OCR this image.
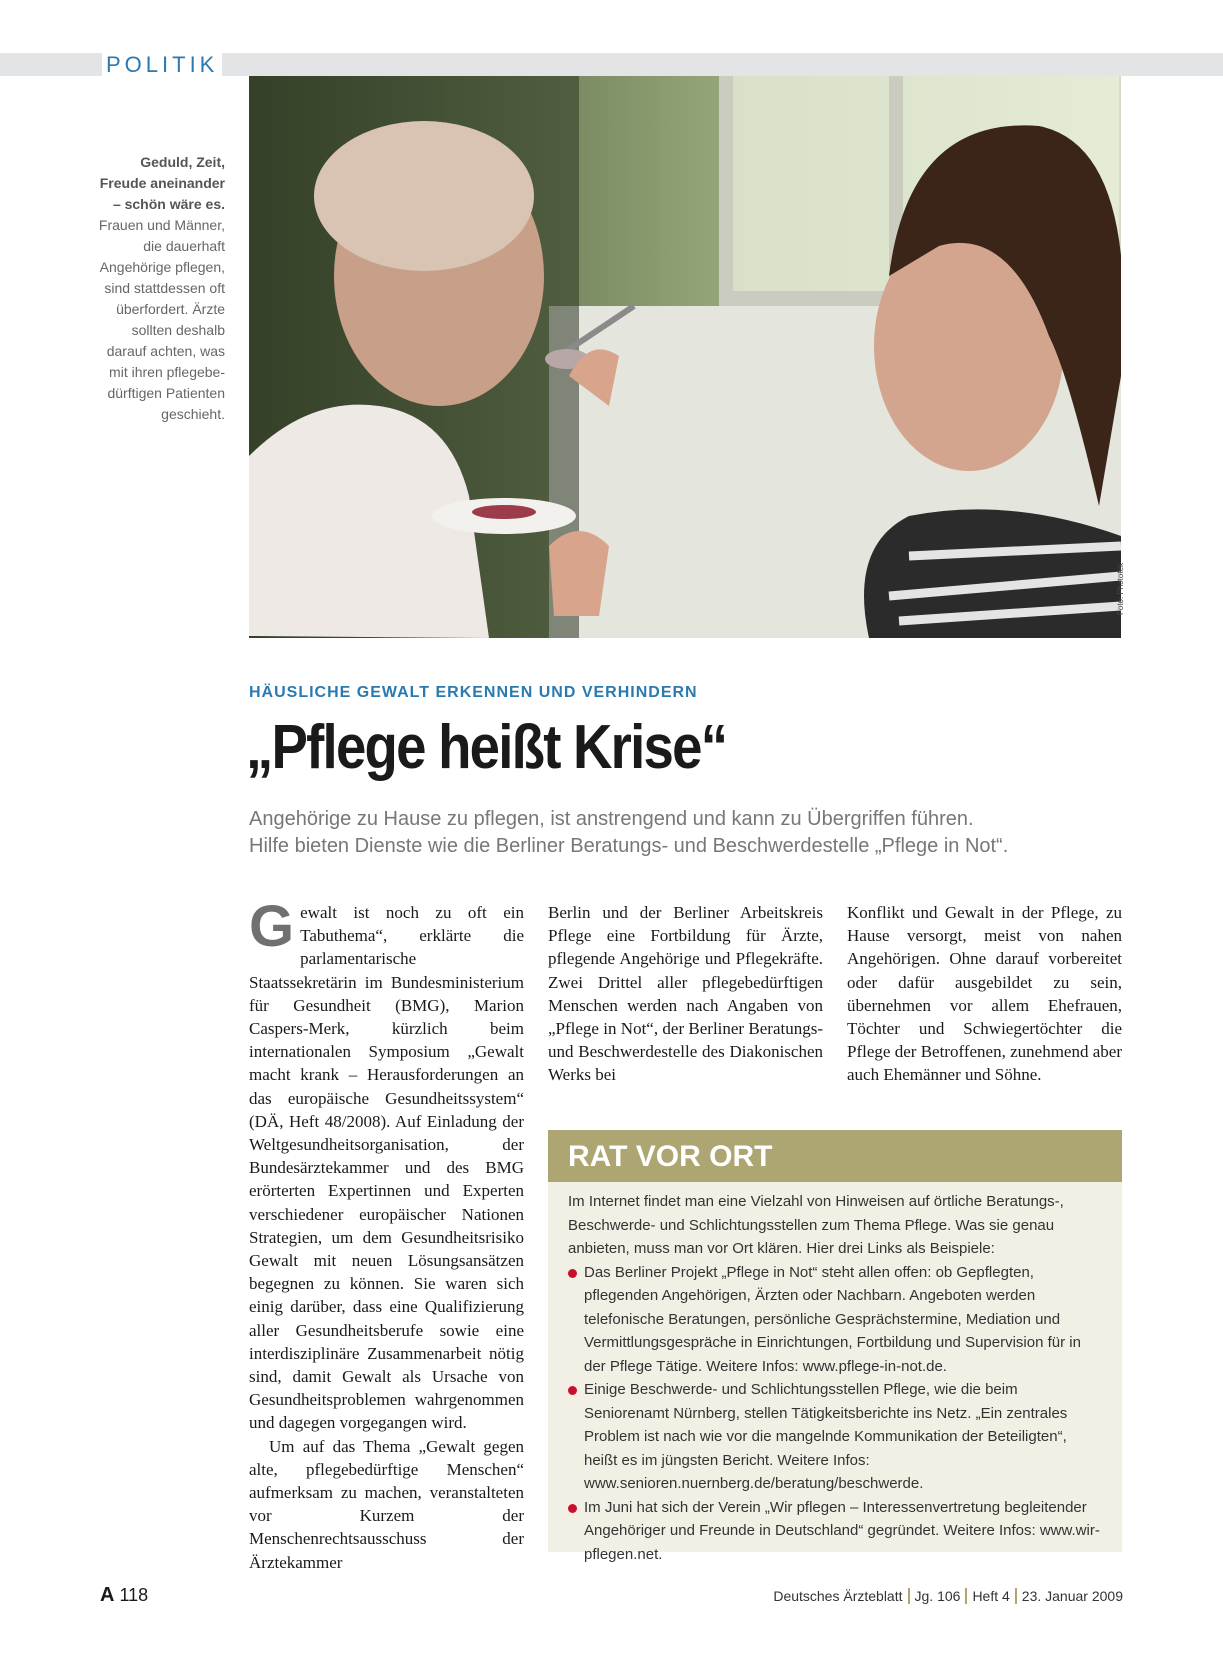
POLITIK
Geduld, Zeit,
Freude aneinander
– schön wäre es.
Frauen und Männer,
die dauerhaft
Angehörige pflegen,
sind stattdessen oft
überfordert. Ärzte
sollten deshalb
darauf achten, was
mit ihren pflegebe-
dürftigen Patienten
geschieht.
Foto: Phototek
HÄUSLICHE GEWALT ERKENNEN UND VERHINDERN
„Pflege heißt Krise“
Angehörige zu Hause zu pflegen, ist anstrengend und kann zu Übergriffen führen.
Hilfe bieten Dienste wie die Berliner Beratungs- und Beschwerdestelle „Pflege in Not“.

Gewalt ist noch zu oft ein Tabuthema“, erklärte die parlamentarische Staatssekretärin im Bundesministerium für Gesundheit (BMG), Marion Caspers-Merk, kürzlich beim internationalen Symposium „Gewalt macht krank – Herausforderungen an das europäische Gesundheitssystem“ (DÄ, Heft 48/2008). Auf Einladung der Weltgesundheitsorganisation, der Bundesärztekammer und des BMG erörterten Expertinnen und Experten verschiedener europäischer Nationen Strategien, um dem Gesundheitsrisiko Gewalt mit neuen Lösungsansätzen begegnen zu können. Sie waren sich einig darüber, dass eine Qualifizierung aller Gesundheitsberufe sowie eine interdisziplinäre Zusammenarbeit nötig sind, damit Gewalt als Ursache von Gesundheitsproblemen wahrgenommen und dagegen vorgegangen wird.

Um auf das Thema „Gewalt gegen alte, pflegebedürftige Menschen“ aufmerksam zu machen, veranstalteten vor Kurzem der Menschenrechtsausschuss der Ärztekammer

Berlin und der Berliner Arbeitskreis Pflege eine Fortbildung für Ärzte, pflegende Angehörige und Pflegekräfte. Zwei Drittel aller pflegebedürftigen Menschen werden nach Angaben von „Pflege in Not“, der Berliner Beratungs- und Beschwerdestelle des Diakonischen Werks bei

Konflikt und Gewalt in der Pflege, zu Hause versorgt, meist von nahen Angehörigen. Ohne darauf vorbereitet oder dafür ausgebildet zu sein, übernehmen vor allem Ehefrauen, Töchter und Schwiegertöchter die Pflege der Betroffenen, zunehmend aber auch Ehemänner und Söhne.

RAT VOR ORT

Im Internet findet man eine Vielzahl von Hinweisen auf örtliche Beratungs-, Beschwerde- und Schlichtungsstellen zum Thema Pflege. Was sie genau anbieten, muss man vor Ort klären. Hier drei Links als Beispiele:

Das Berliner Projekt „Pflege in Not“ steht allen offen: ob Gepflegten, pflegenden Angehörigen, Ärzten oder Nachbarn. Angeboten werden telefonische Beratungen, persönliche Gesprächstermine, Mediation und Vermittlungsgespräche in Einrichtungen, Fortbildung und Supervision für in der Pflege Tätige. Weitere Infos: www.pflege-in-not.de.
Einige Beschwerde- und Schlichtungsstellen Pflege, wie die beim Seniorenamt Nürnberg, stellen Tätigkeitsberichte ins Netz. „Ein zentrales Problem ist nach wie vor die mangelnde Kommunikation der Beteiligten“, heißt es im jüngsten Bericht. Weitere Infos: www.senioren.nuernberg.de/beratung/beschwerde.
Im Juni hat sich der Verein „Wir pflegen – Interessenvertretung begleitender Angehöriger und Freunde in Deutschland“ gegründet. Weitere Infos: www.wir-pflegen.net.
A 118	Deutsches Ärzteblatt Jg. 106 Heft 4 23. Januar 2009
